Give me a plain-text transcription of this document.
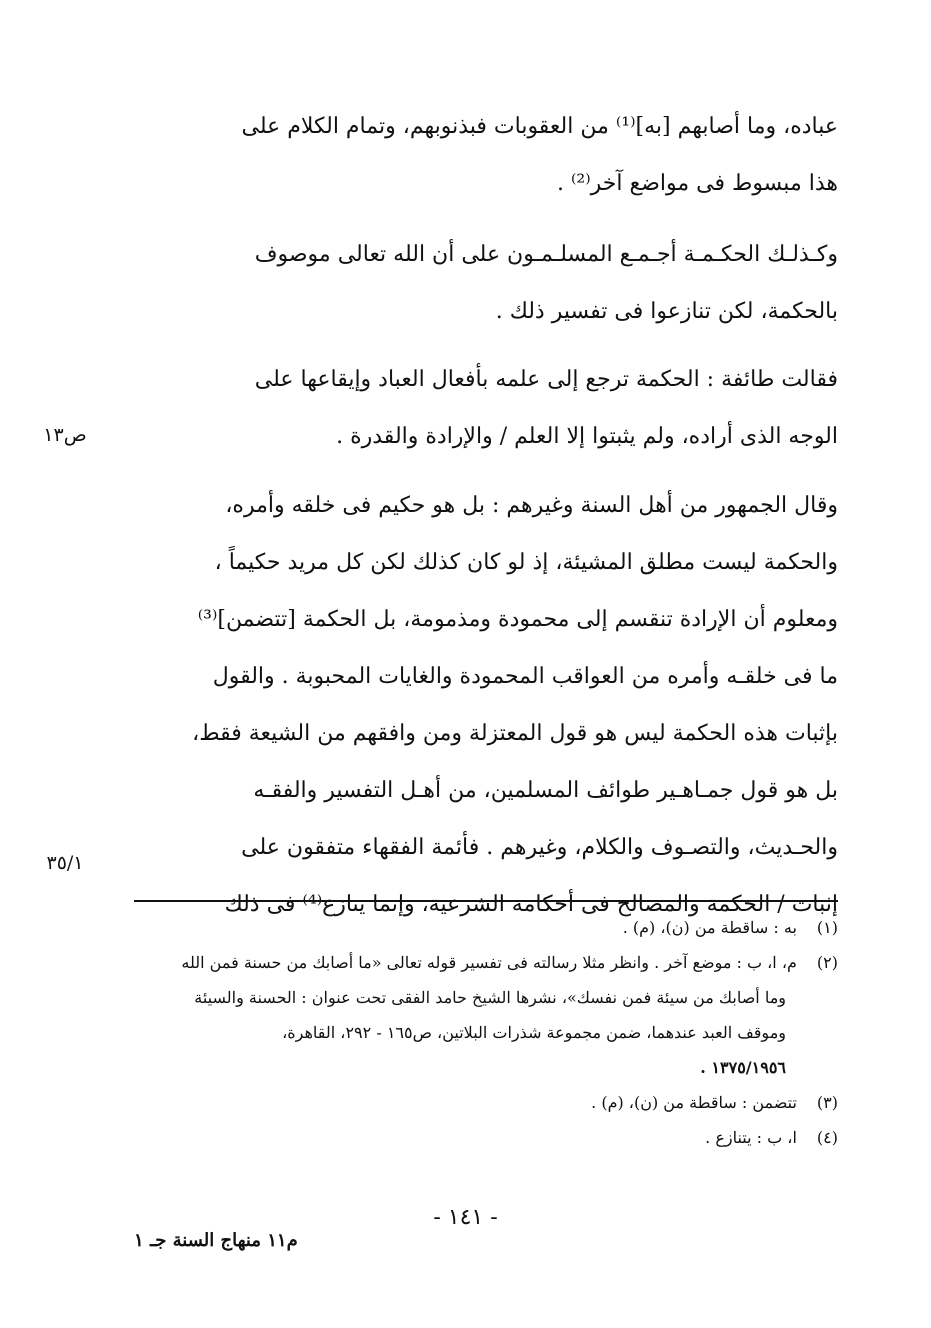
عباده، وما أصابهم [به]⁽¹⁾ من العقوبات فبذنوبهم، وتمام الكلام على

هذا مبسوط فى مواضع آخر⁽²⁾ .

وكـذلـك الحكـمـة أجـمـع المسلـمـون على أن الله تعالى موصوف

بالحكمة، لكن تنازعوا فى تفسير ذلك .

فقالت طائفة : الحكمة ترجع إلى علمه بأفعال العباد وإيقاعها على

الوجه الذى أراده، ولم يثبتوا إلا العلم / والإرادة والقدرة .

وقال الجمهور من أهل السنة وغيرهم : بل هو حكيم فى خلقه وأمره،

والحكمة ليست مطلق المشيئة، إذ لو كان كذلك لكن كل مريد حكيماً ،

ومعلوم أن الإرادة تنقسم إلى محمودة ومذمومة، بل الحكمة [تتضمن]⁽³⁾

ما فى خلقـه وأمره من العواقب المحمودة والغايات المحبوبة . والقول

بإثبات هذه الحكمة ليس هو قول المعتزلة ومن وافقهم من الشيعة فقط،

بل هو قول جمـاهـير طوائف المسلمين، من أهـل التفسير والفقـه

والحـديث، والتصـوف والكلام، وغيرهم . فأئمة الفقهاء متفقون على

إثبات / الحكمة والمصالح فى أحكامه الشرعية، وإنما ينازع⁽⁴⁾ فى ذلك

ص١٣
٣٥/١
(١) به : ساقطة من (ن)، (م) .
(٢) م، ا، ب : موضع آخر . وانظر مثلا رسالته فى تفسير قوله تعالى «ما أصابك من حسنة فمن الله
وما أصابك من سيئة فمن نفسك»، نشرها الشيخ حامد الفقى تحت عنوان : الحسنة والسيئة
وموقف العبد عندهما، ضمن مجموعة شذرات البلاتين، ص١٦٥ - ٢٩٢، القاهرة،
١٣٧٥/١٩٥٦ .
(٣) تتضمن : ساقطة من (ن)، (م) .
(٤) ا، ب : يتنازع .
- ١٤١ -
م١١ منهاج السنة جـ ١
